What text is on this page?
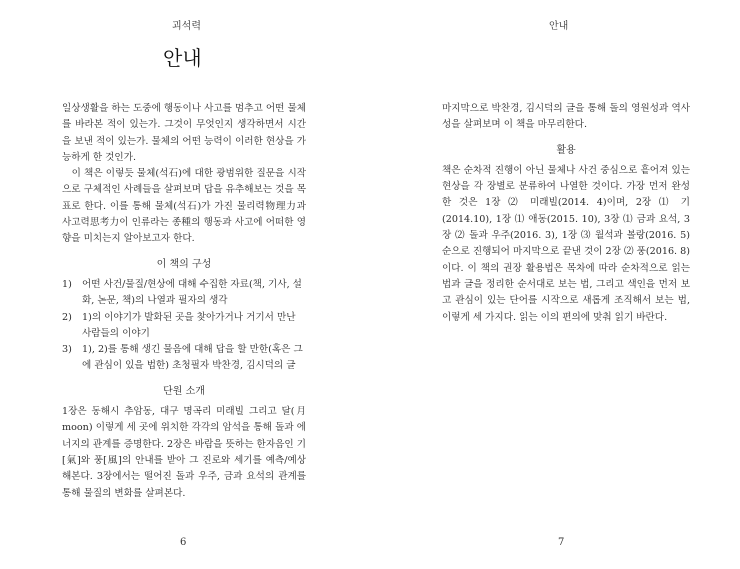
괴석력
안내

일상생활을 하는 도중에 행동이나 사고를 멈추고 어떤 물체를 바라본 적이 있는가. 그것이 무엇인지 생각하면서 시간을 보낸 적이 있는가. 물체의 어떤 능력이 이러한 현상을 가능하게 한 것인가.

이 책은 이렇듯 물체(석石)에 대한 광범위한 질문을 시작으로 구체적인 사례들을 살펴보며 답을 유추해보는 것을 목표로 한다. 이를 통해 물체(석石)가 가진 물리력物理力과 사고력思考力이 인류라는 종種의 행동과 사고에 어떠한 영향을 미치는지 알아보고자 한다.

이 책의 구성

1) 어떤 사건/물질/현상에 대해 수집한 자료(책, 기사, 설화, 논문, 책)의 나열과 필자의 생각
2) 1)의 이야기가 발화된 곳을 찾아가거나 거기서 만난 사람들의 이야기
3) 1), 2)를 통해 생긴 물음에 대해 답을 할 만한(혹은 그에 관심이 있을 법한) 초청필자 박찬경, 김시덕의 글

단원 소개

1장은 동해시 추암동, 대구 명곡리 미래빌 그리고 달(月moon) 이렇게 세 곳에 위치한 각각의 암석을 통해 돌과 에너지의 관계를 증명한다. 2장은 바람을 뜻하는 한자음인 기[氣]와 풍[風]의 안내를 받아 그 진로와 세기를 예측/예상해본다. 3장에서는 떨어진 돌과 우주, 금과 요석의 관계를 통해 물질의 변화를 살펴본다.

6
안내

마지막으로 박찬경, 김시덕의 글을 통해 돌의 영원성과 역사성을 살펴보며 이 책을 마무리한다.

활용

책은 순차적 진행이 아닌 물체나 사건 중심으로 흩어져 있는 현상을 각 장별로 분류하여 나열한 것이다. 가장 먼저 완성한 것은 1장 ⑵ 미래빌(2014. 4)이며, 2장 ⑴ 기(2014.10), 1장 ⑴ 애동(2015. 10), 3장 ⑴ 금과 요석, 3장 ⑵ 돌과 우주(2016. 3), 1장 ⑶ 월석과 볼랑(2016. 5) 순으로 진행되어 마지막으로 끝낸 것이 2장 ⑵ 풍(2016. 8)이다. 이 책의 권장 활용법은 목차에 따라 순차적으로 읽는 법과 글을 정리한 순서대로 보는 법, 그리고 색인을 먼저 보고 관심이 있는 단어를 시작으로 새롭게 조직해서 보는 법, 이렇게 세 가지다. 읽는 이의 편의에 맞춰 읽기 바란다.

7
